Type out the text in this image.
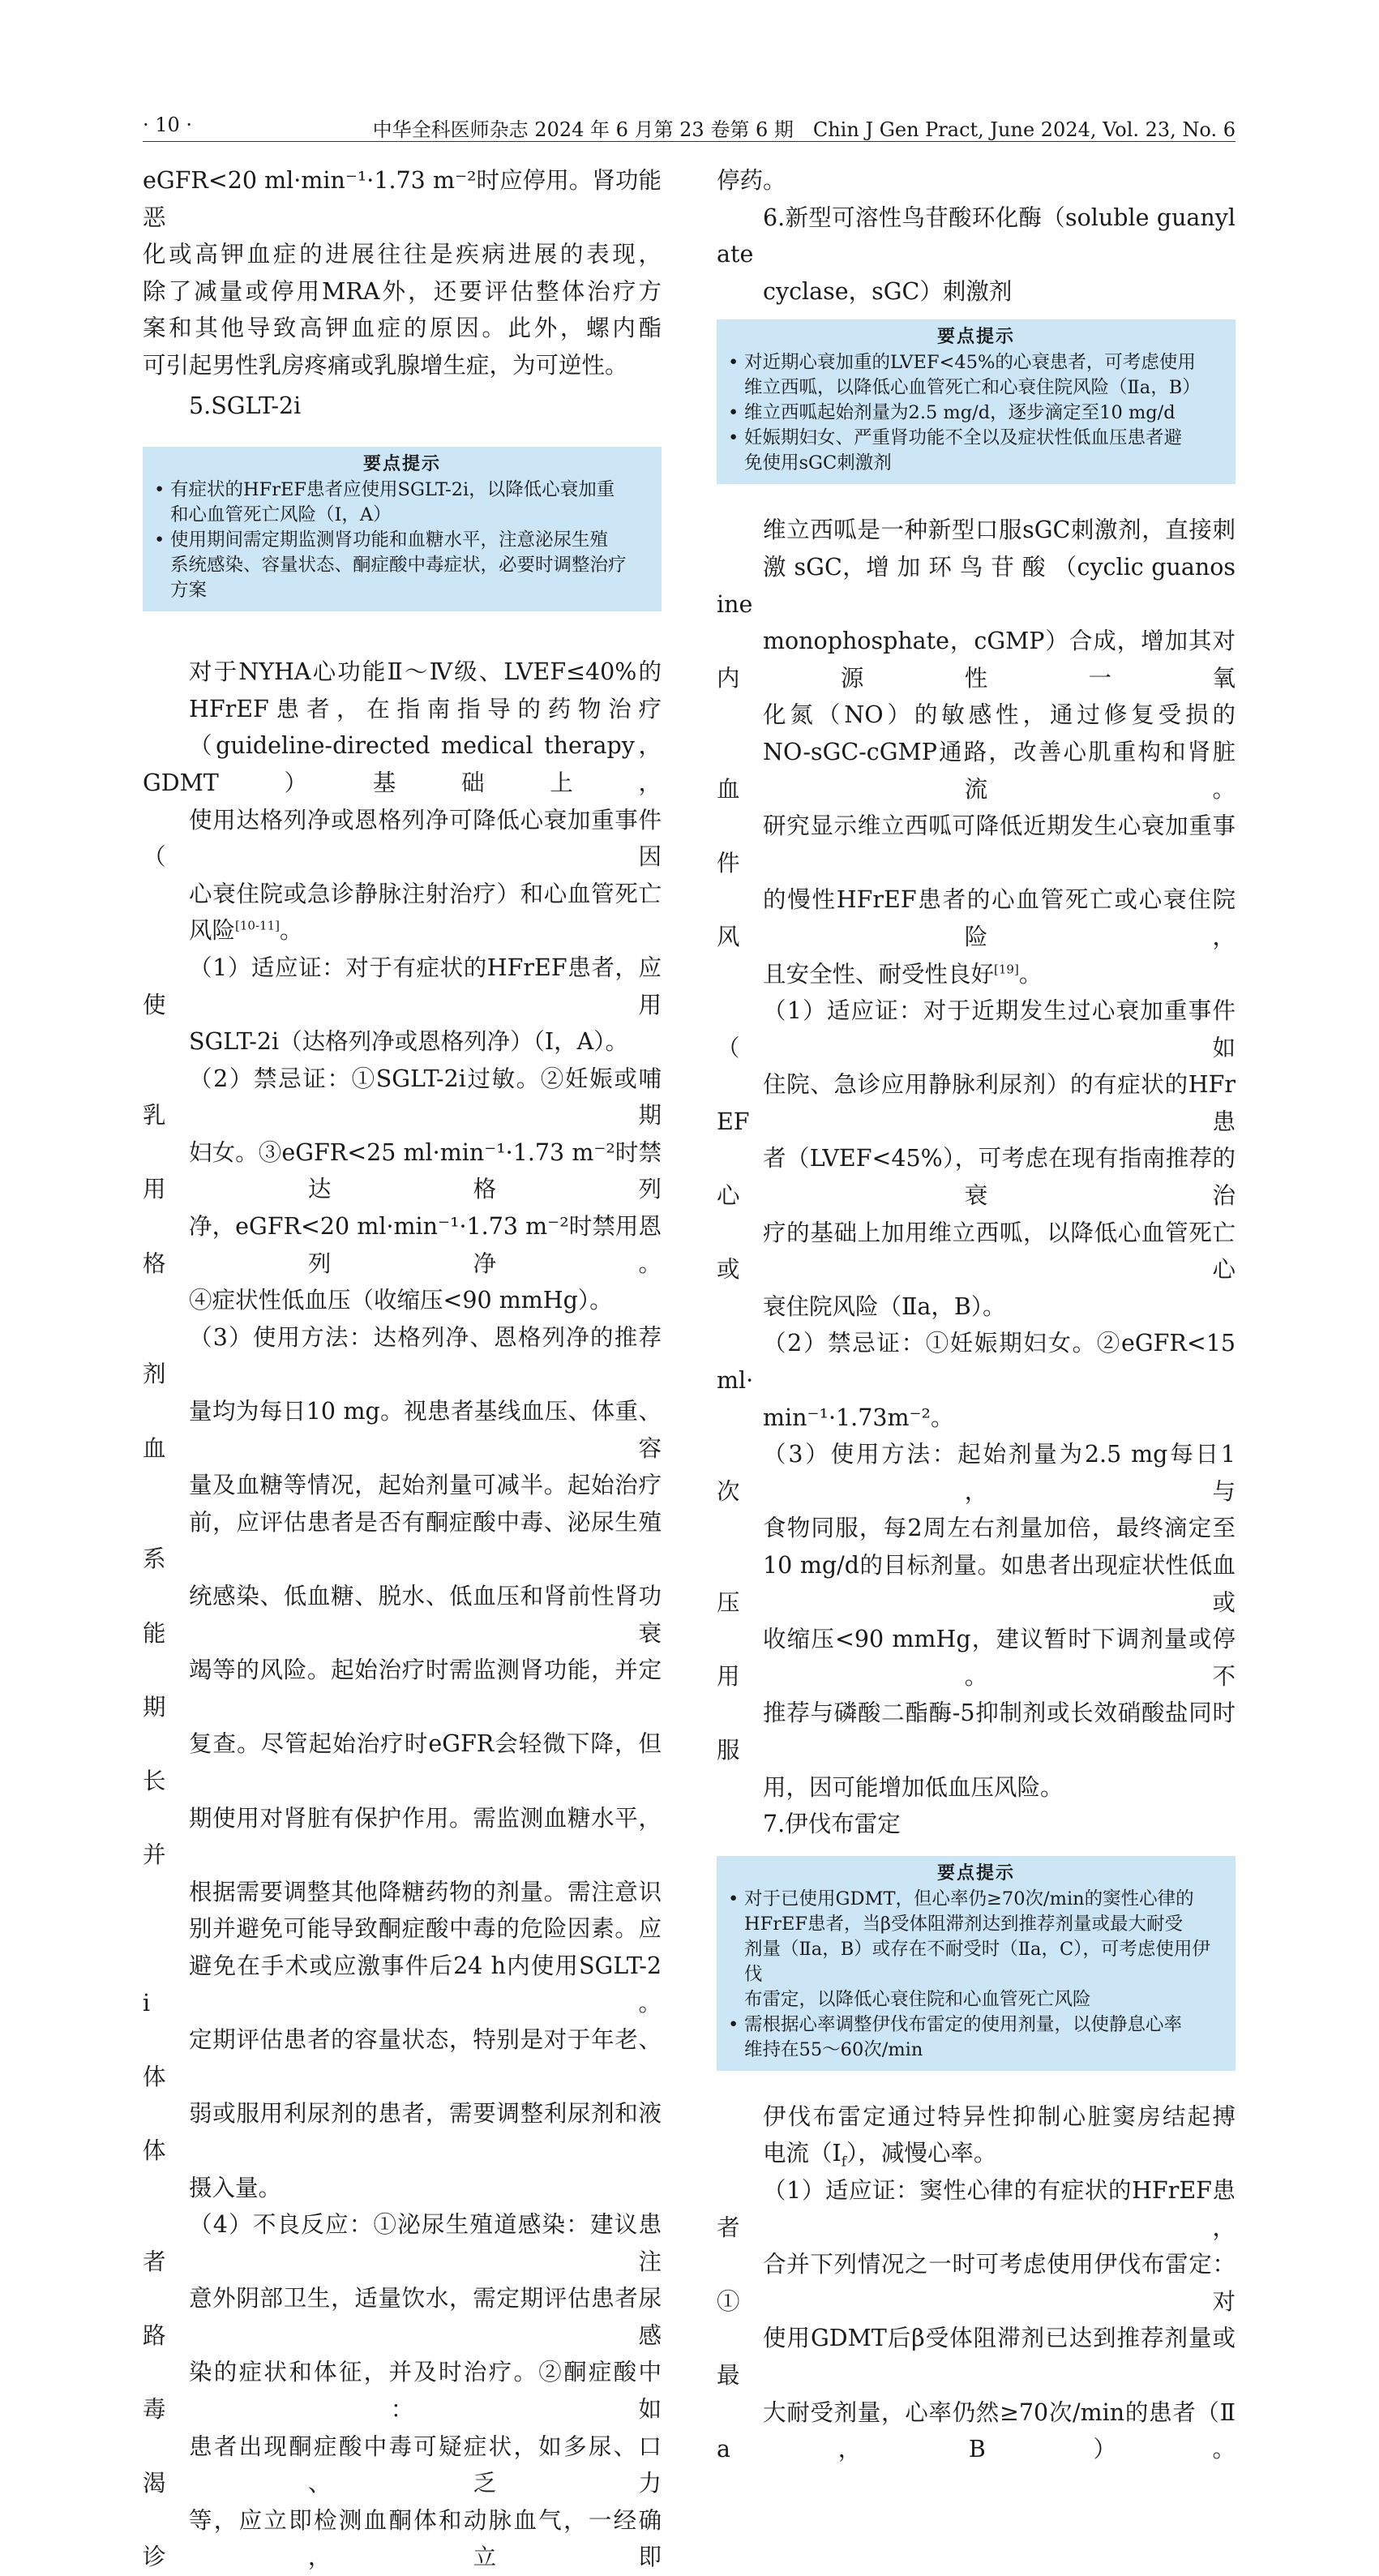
· 10 ·	中华全科医师杂志 2024 年 6 月第 23 卷第 6 期　Chin J Gen Pract, June 2024, Vol. 23, No. 6

eGFR<20 ml·min⁻¹·1.73 m⁻²时应停用。肾功能恶
化或高钾血症的进展往往是疾病进展的表现，
除了减量或停用MRA外，还要评估整体治疗方
案和其他导致高钾血症的原因。此外，螺内酯
可引起男性乳房疼痛或乳腺增生症，为可逆性。

5.SGLT-2i
要点提示
• 有症状的HFrEF患者应使用SGLT-2i，以降低心衰加重
和心血管死亡风险（Ⅰ，A）
• 使用期间需定期监测肾功能和血糖水平，注意泌尿生殖
系统感染、容量状态、酮症酸中毒症状，必要时调整治疗
方案

对于NYHA心功能Ⅱ～Ⅳ级、LVEF≤40%的
HFrEF患者，在指南指导的药物治疗
（guideline-directed medical therapy，GDMT）基础上，
使用达格列净或恩格列净可降低心衰加重事件（因
心衰住院或急诊静脉注射治疗）和心血管死亡
风险[10-11]。

（1）适应证：对于有症状的HFrEF患者，应使用
SGLT-2i（达格列净或恩格列净）（Ⅰ，A）。

（2）禁忌证：①SGLT-2i过敏。②妊娠或哺乳期
妇女。③eGFR<25 ml·min⁻¹·1.73 m⁻²时禁用达格列
净，eGFR<20 ml·min⁻¹·1.73 m⁻²时禁用恩格列净。
④症状性低血压（收缩压<90 mmHg）。

（3）使用方法：达格列净、恩格列净的推荐剂
量均为每日10 mg。视患者基线血压、体重、血容
量及血糖等情况，起始剂量可减半。起始治疗
前，应评估患者是否有酮症酸中毒、泌尿生殖系
统感染、低血糖、脱水、低血压和肾前性肾功能衰
竭等的风险。起始治疗时需监测肾功能，并定期
复查。尽管起始治疗时eGFR会轻微下降，但长
期使用对肾脏有保护作用。需监测血糖水平，并
根据需要调整其他降糖药物的剂量。需注意识
别并避免可能导致酮症酸中毒的危险因素。应
避免在手术或应激事件后24 h内使用SGLT-2i。
定期评估患者的容量状态，特别是对于年老、体
弱或服用利尿剂的患者，需要调整利尿剂和液体
摄入量。

（4）不良反应：①泌尿生殖道感染：建议患者注
意外阴部卫生，适量饮水，需定期评估患者尿路感
染的症状和体征，并及时治疗。②酮症酸中毒：如
患者出现酮症酸中毒可疑症状，如多尿、口渴、乏力
等，应立即检测血酮体和动脉血气，一经确诊，立即

停药。

6.新型可溶性鸟苷酸环化酶（soluble guanylate
cyclase，sGC）刺激剂

要点提示
• 对近期心衰加重的LVEF<45%的心衰患者，可考虑使用
维立西呱，以降低心血管死亡和心衰住院风险（Ⅱa，B）
• 维立西呱起始剂量为2.5 mg/d，逐步滴定至10 mg/d
• 妊娠期妇女、严重肾功能不全以及症状性低血压患者避
免使用sGC刺激剂

维立西呱是一种新型口服sGC刺激剂，直接刺
激 sGC，增 加 环 鸟 苷 酸 （cyclic guanosine
monophosphate，cGMP）合成，增加其对内源性一氧
化氮（NO）的敏感性，通过修复受损的
NO-sGC-cGMP通路，改善心肌重构和肾脏血流。
研究显示维立西呱可降低近期发生心衰加重事件
的慢性HFrEF患者的心血管死亡或心衰住院风险，
且安全性、耐受性良好[19]。

（1）适应证：对于近期发生过心衰加重事件（如
住院、急诊应用静脉利尿剂）的有症状的HFrEF患
者（LVEF<45%），可考虑在现有指南推荐的心衰治
疗的基础上加用维立西呱，以降低心血管死亡或心
衰住院风险（Ⅱa，B）。

（2）禁忌证：①妊娠期妇女。②eGFR<15 ml·
min⁻¹·1.73m⁻²。

（3）使用方法：起始剂量为2.5 mg每日1次，与
食物同服，每2周左右剂量加倍，最终滴定至
10 mg/d的目标剂量。如患者出现症状性低血压或
收缩压<90 mmHg，建议暂时下调剂量或停用。不
推荐与磷酸二酯酶-5抑制剂或长效硝酸盐同时服
用，因可能增加低血压风险。

7.伊伐布雷定
要点提示
• 对于已使用GDMT，但心率仍≥70次/min的窦性心律的
HFrEF患者，当β受体阻滞剂达到推荐剂量或最大耐受
剂量（Ⅱa，B）或存在不耐受时（Ⅱa，C），可考虑使用伊伐
布雷定，以降低心衰住院和心血管死亡风险
• 需根据心率调整伊伐布雷定的使用剂量，以使静息心率
维持在55～60次/min

伊伐布雷定通过特异性抑制心脏窦房结起搏
电流$(I_f)$，减慢心率。

（1）适应证：窦性心律的有症状的HFrEF患者，
合并下列情况之一时可考虑使用伊伐布雷定：①对
使用GDMT后β受体阻滞剂已达到推荐剂量或最
大耐受剂量，心率仍然≥70次/min的患者（Ⅱa，B）。
